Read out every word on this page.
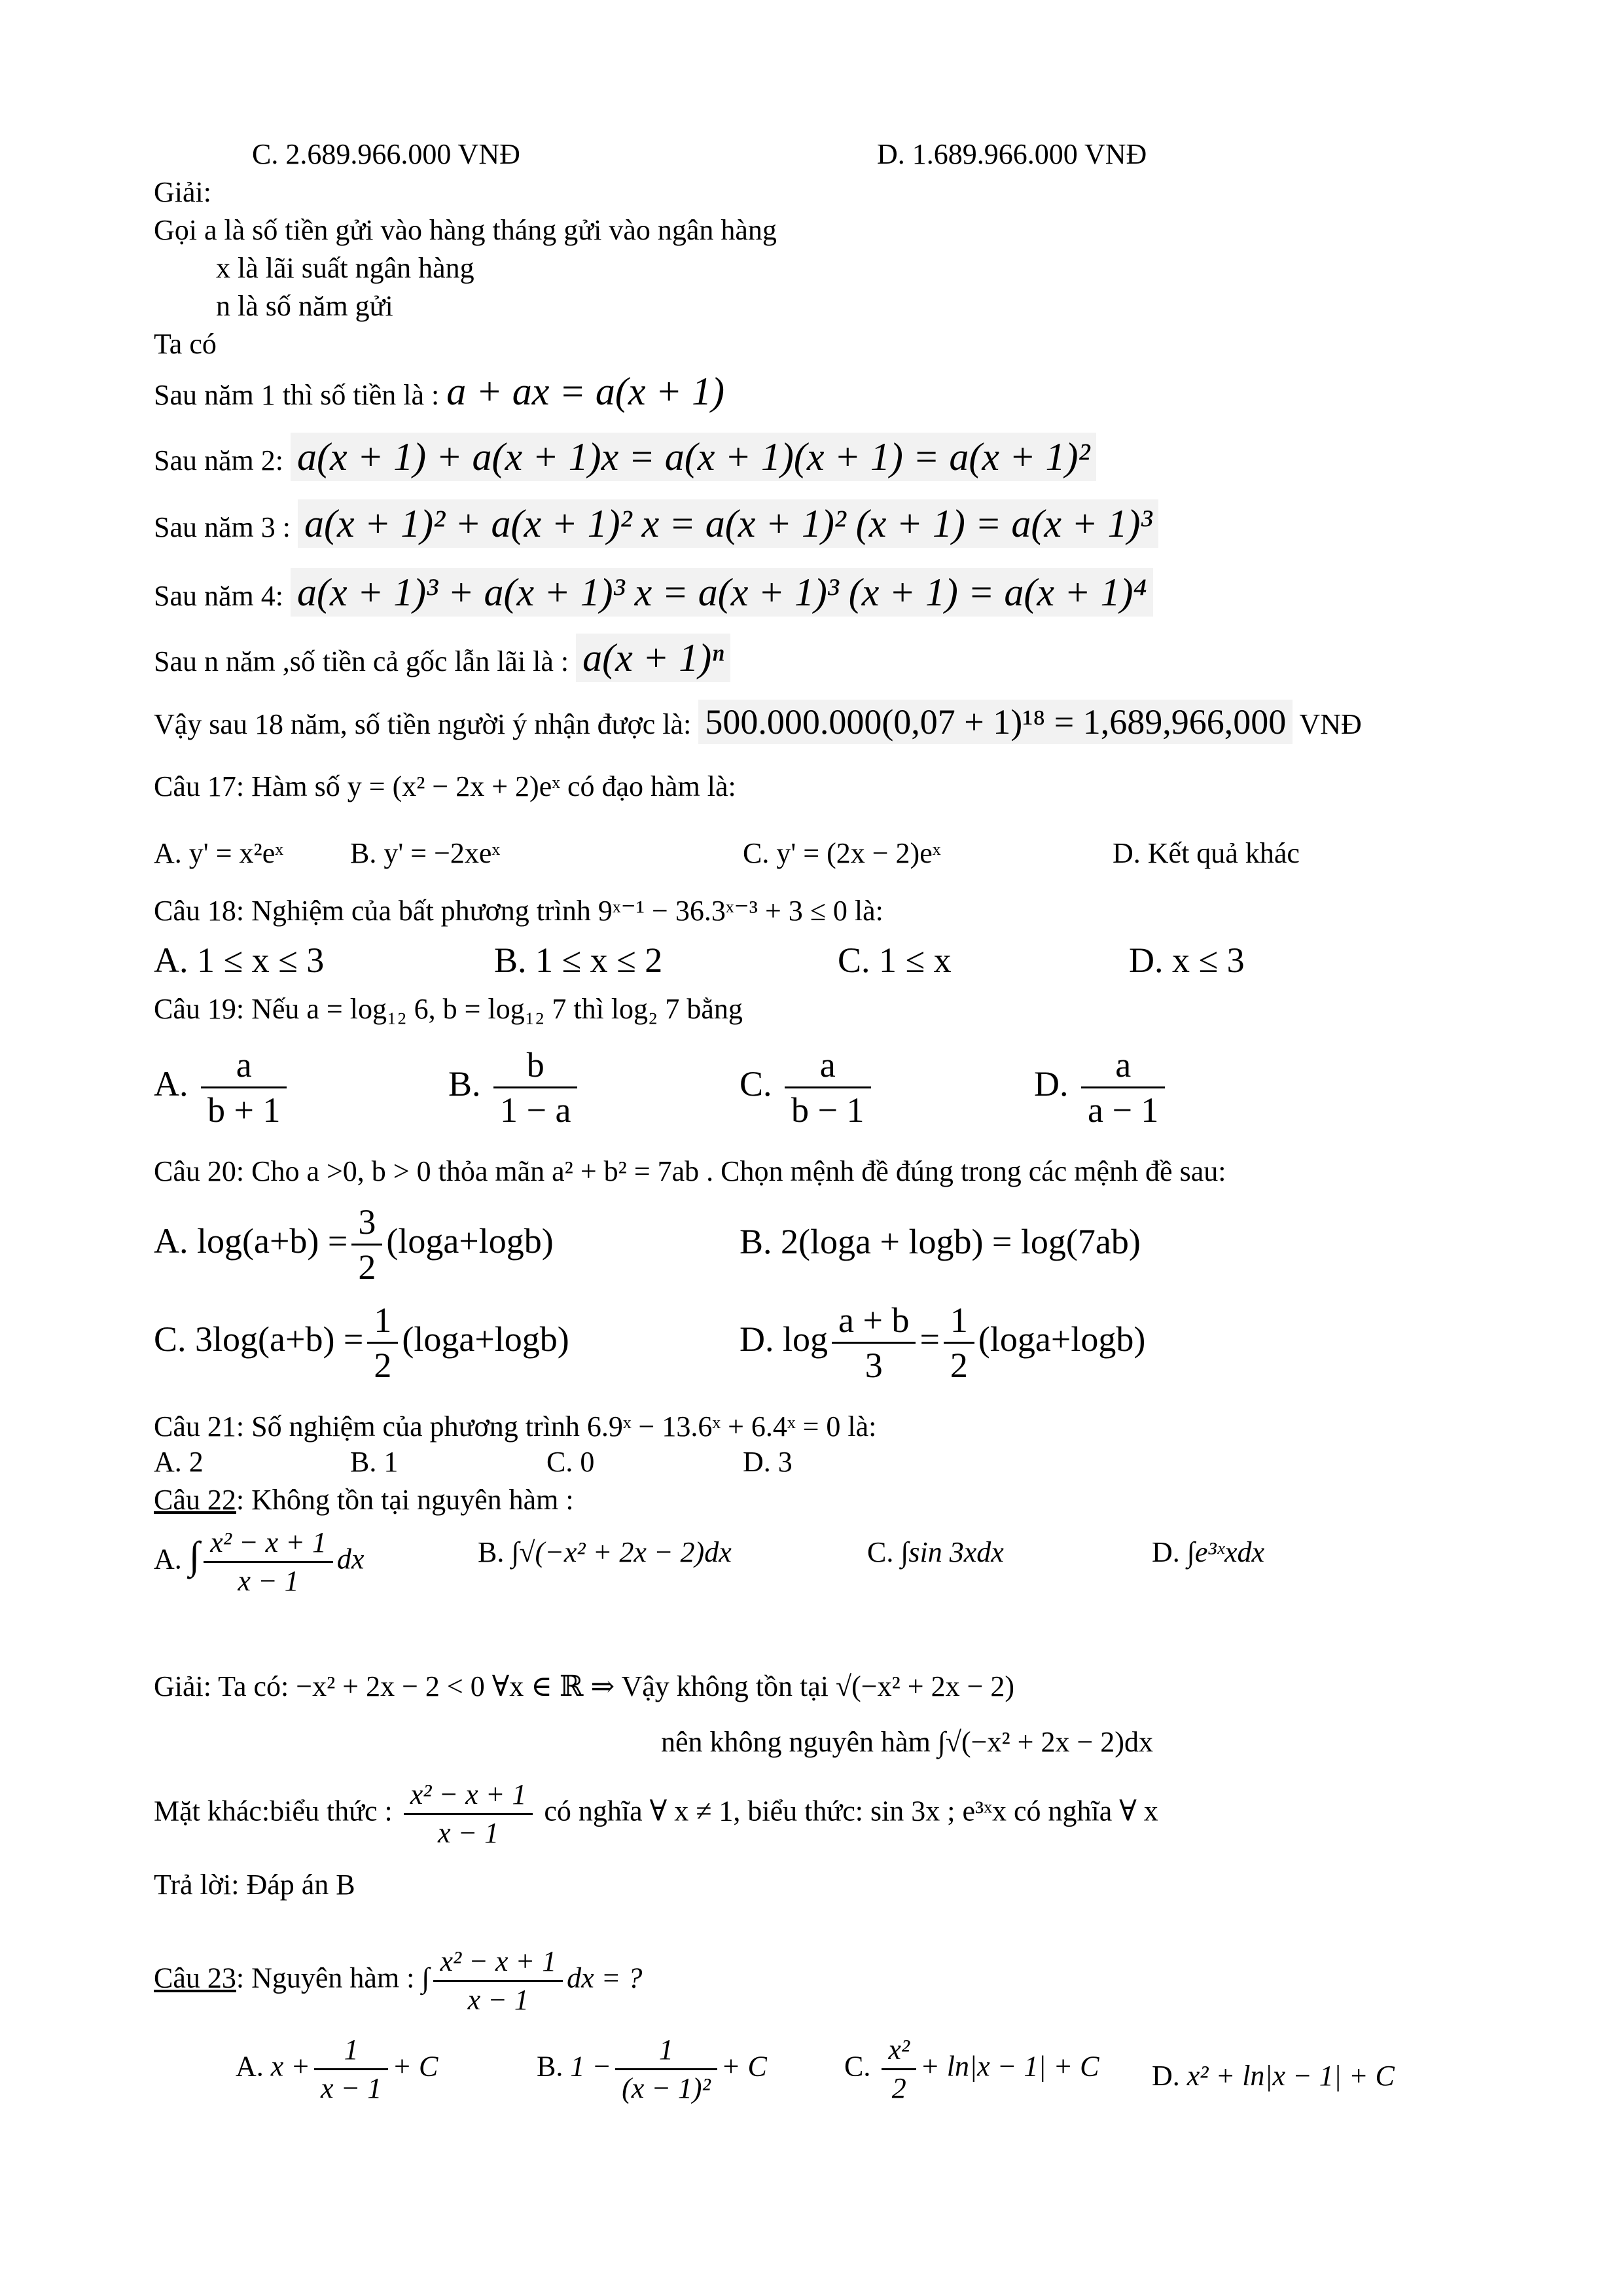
C. 2.689.966.000 VNĐ	D. 1.689.966.000 VNĐ
Giải:
Gọi a là số tiền gửi vào hàng tháng gửi vào ngân hàng
x là lãi suất ngân hàng
n là số năm gửi
Ta có
Sau năm 1 thì số tiền là : a + ax = a(x + 1)
Sau năm 2: a(x + 1) + a(x + 1)x = a(x + 1)(x + 1) = a(x + 1)²
Sau năm 3 : a(x + 1)² + a(x + 1)² x = a(x + 1)² (x + 1) = a(x + 1)³
Sau năm 4: a(x + 1)³ + a(x + 1)³ x = a(x + 1)³ (x + 1) = a(x + 1)⁴
Sau n năm ,số tiền cả gốc lẫn lãi là : a(x + 1)ⁿ
Vậy sau 18 năm, số tiền người ý nhận được là: 500.000.000(0,07 + 1)¹⁸ = 1,689,966,000 VNĐ
Câu 17: Hàm số y = (x² − 2x + 2)eˣ có đạo hàm là:
A. y' = x²eˣ B. y' = −2xeˣ	C. y' = (2x − 2)eˣ	D. Kết quả khác
Câu 18: Nghiệm của bất phương trình 9ˣ⁻¹ − 36.3ˣ⁻³ + 3 ≤ 0 là:
A. 1 ≤ x ≤ 3	B. 1 ≤ x ≤ 2	C. 1 ≤ x	D. x ≤ 3
Câu 19: Nếu a = log₁₂ 6, b = log₁₂ 7 thì log₂ 7 bằng
A. $\frac{a}{b + 1}$	B. $\frac{b}{1 - a}$	C. $\frac{a}{b - 1}$	D. $\frac{a}{a - 1}$
Câu 20: Cho a >0, b > 0 thỏa mãn a² + b² = 7ab . Chọn mệnh đề đúng trong các mệnh đề sau:
A. $\log(a+b) = \frac{3}{2} (\log a+\log b)$	B. 2(loga + logb) = log(7ab)
C. $3\log(a+b) = \frac{1}{2} (\log a+\log b)$	D. $\log \frac{a + b}{3} = \frac{1}{2} (\log a+\log b)$
Câu 21: Số nghiệm của phương trình 6.9ˣ − 13.6ˣ + 6.4ˣ = 0 là:
A. 2	B. 1	C. 0	D. 3
Câu 22: Không tồn tại nguyên hàm :
A. ∫ $\frac{\text{x² − x + 1}}{x - 1}$ dx	B. ∫√(−x² + 2x − 2)dx	C. ∫sin 3xdx	D. ∫e³ˣxdx
Giải: Ta có: −x² + 2x − 2 < 0 ∀x ∈ ℝ ⇒ Vậy không tồn tại √(−x² + 2x − 2)
nên không nguyên hàm ∫√(−x² + 2x − 2)dx
Mặt khác:biểu thức : $\frac{\text{x² − x + 1}}{x - 1}$ có nghĩa ∀ x ≠ 1, biểu thức: sin 3x ; e³ˣx có nghĩa ∀ x
Trả lời: Đáp án B
Câu 23: Nguyên hàm : ∫ $\frac{\text{x² − x + 1}}{x - 1}$ dx = ?
A. $x + \frac{1}{x - 1} + C$	B. $1 - \frac{1}{\text{(x − 1)²}} + C$	C. $\frac{\text{x²}}{2} + \ln|x - 1| + C$ D. x² + ln|x − 1| + C
